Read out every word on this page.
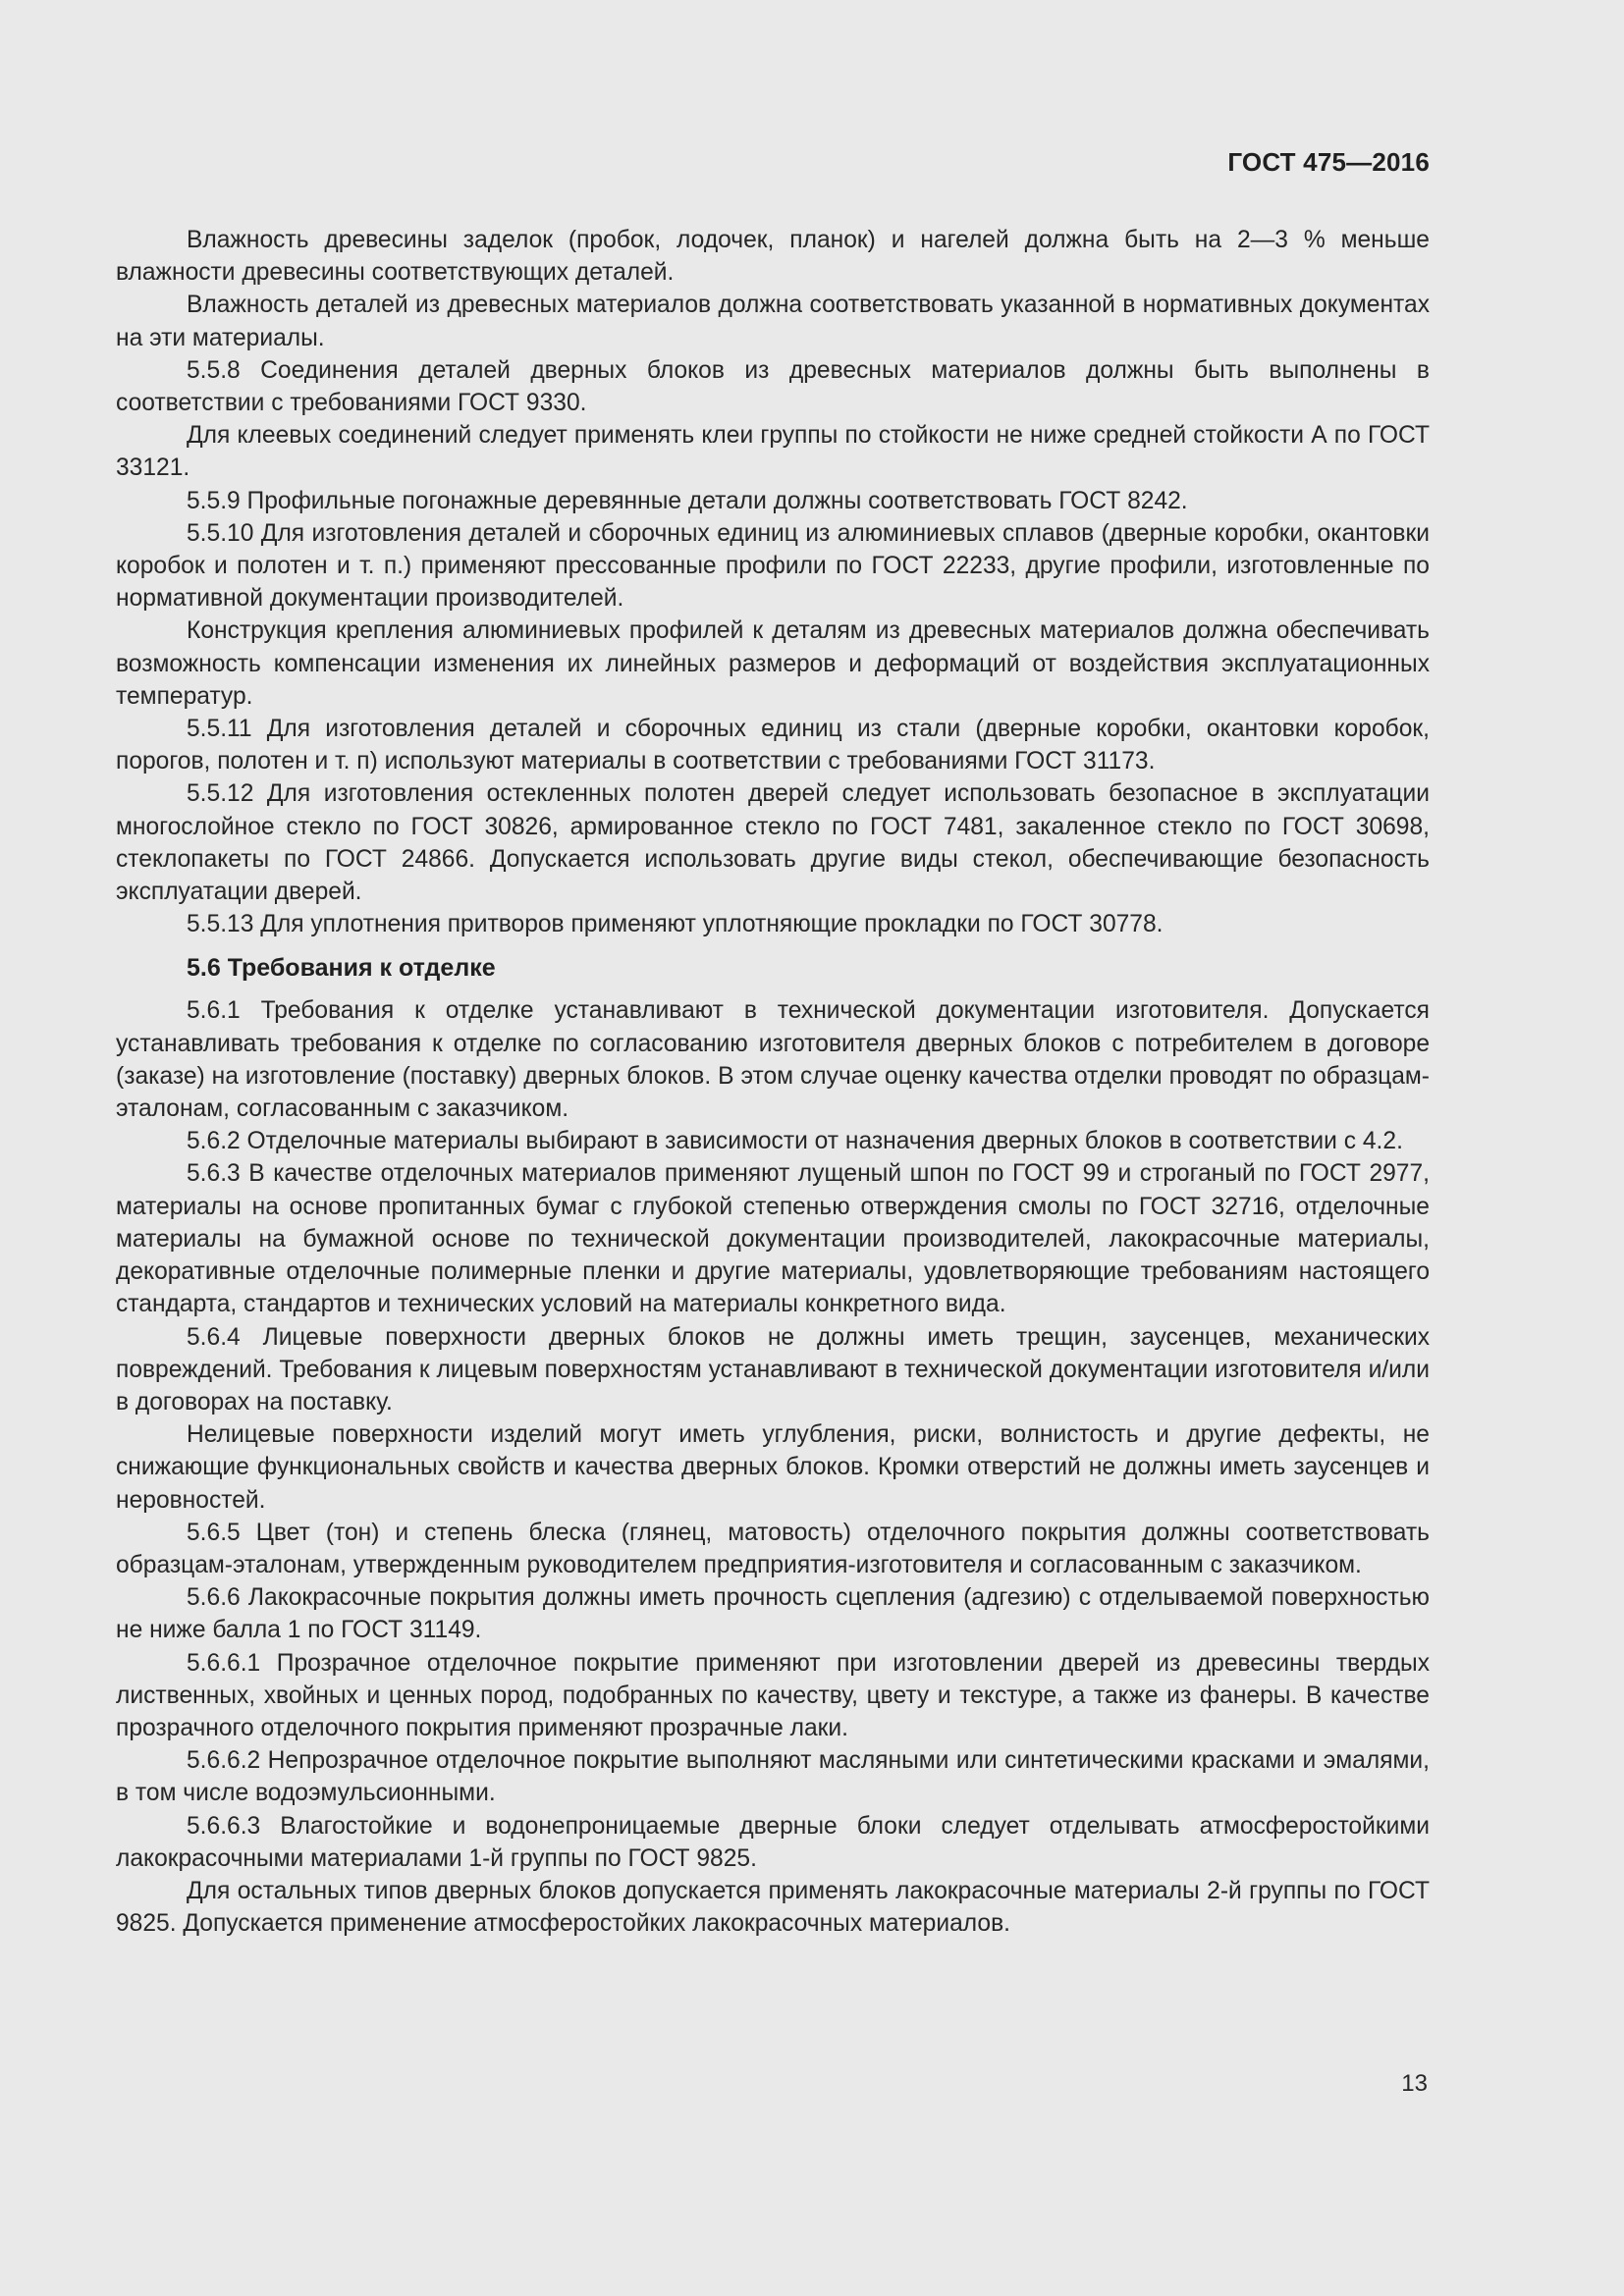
ГОСТ 475—2016

Влажность древесины заделок (пробок, лодочек, планок) и нагелей должна быть на 2—3 % меньше влажности древесины соответствующих деталей.

Влажность деталей из древесных материалов должна соответствовать указанной в нормативных документах на эти материалы.

5.5.8 Соединения деталей дверных блоков из древесных материалов должны быть выполнены в соответствии с требованиями ГОСТ 9330.

Для клеевых соединений следует применять клеи группы по стойкости не ниже средней стойкости А по ГОСТ 33121.

5.5.9 Профильные погонажные деревянные детали должны соответствовать ГОСТ 8242.

5.5.10 Для изготовления деталей и сборочных единиц из алюминиевых сплавов (дверные коробки, окантовки коробок и полотен и т. п.) применяют прессованные профили по ГОСТ 22233, другие профили, изготовленные по нормативной документации производителей.

Конструкция крепления алюминиевых профилей к деталям из древесных материалов должна обеспечивать возможность компенсации изменения их линейных размеров и деформаций от воздействия эксплуатационных температур.

5.5.11 Для изготовления деталей и сборочных единиц из стали (дверные коробки, окантовки коробок, порогов, полотен и т. п) используют материалы в соответствии с требованиями ГОСТ 31173.

5.5.12 Для изготовления остекленных полотен дверей следует использовать безопасное в эксплуатации многослойное стекло по ГОСТ 30826, армированное стекло по ГОСТ 7481, закаленное стекло по ГОСТ 30698, стеклопакеты по ГОСТ 24866. Допускается использовать другие виды стекол, обеспечивающие безопасность эксплуатации дверей.

5.5.13 Для уплотнения притворов применяют уплотняющие прокладки по ГОСТ 30778.

5.6 Требования к отделке

5.6.1 Требования к отделке устанавливают в технической документации изготовителя. Допускается устанавливать требования к отделке по согласованию изготовителя дверных блоков с потребителем в договоре (заказе) на изготовление (поставку) дверных блоков. В этом случае оценку качества отделки проводят по образцам-эталонам, согласованным с заказчиком.

5.6.2 Отделочные материалы выбирают в зависимости от назначения дверных блоков в соответствии с 4.2.

5.6.3 В качестве отделочных материалов применяют лущеный шпон по ГОСТ 99 и строганый по ГОСТ 2977, материалы на основе пропитанных бумаг с глубокой степенью отверждения смолы по ГОСТ 32716, отделочные материалы на бумажной основе по технической документации производителей, лакокрасочные материалы, декоративные отделочные полимерные пленки и другие материалы, удовлетворяющие требованиям настоящего стандарта, стандартов и технических условий на материалы конкретного вида.

5.6.4 Лицевые поверхности дверных блоков не должны иметь трещин, заусенцев, механических повреждений. Требования к лицевым поверхностям устанавливают в технической документации изготовителя и/или в договорах на поставку.

Нелицевые поверхности изделий могут иметь углубления, риски, волнистость и другие дефекты, не снижающие функциональных свойств и качества дверных блоков. Кромки отверстий не должны иметь заусенцев и неровностей.

5.6.5 Цвет (тон) и степень блеска (глянец, матовость) отделочного покрытия должны соответствовать образцам-эталонам, утвержденным руководителем предприятия-изготовителя и согласованным с заказчиком.

5.6.6 Лакокрасочные покрытия должны иметь прочность сцепления (адгезию) с отделываемой поверхностью не ниже балла 1 по ГОСТ 31149.

5.6.6.1 Прозрачное отделочное покрытие применяют при изготовлении дверей из древесины твердых лиственных, хвойных и ценных пород, подобранных по качеству, цвету и текстуре, а также из фанеры. В качестве прозрачного отделочного покрытия применяют прозрачные лаки.

5.6.6.2 Непрозрачное отделочное покрытие выполняют масляными или синтетическими красками и эмалями, в том числе водоэмульсионными.

5.6.6.3 Влагостойкие и водонепроницаемые дверные блоки следует отделывать атмосферостойкими лакокрасочными материалами 1-й группы по ГОСТ 9825.

Для остальных типов дверных блоков допускается применять лакокрасочные материалы 2-й группы по ГОСТ 9825. Допускается применение атмосферостойких лакокрасочных материалов.

13
